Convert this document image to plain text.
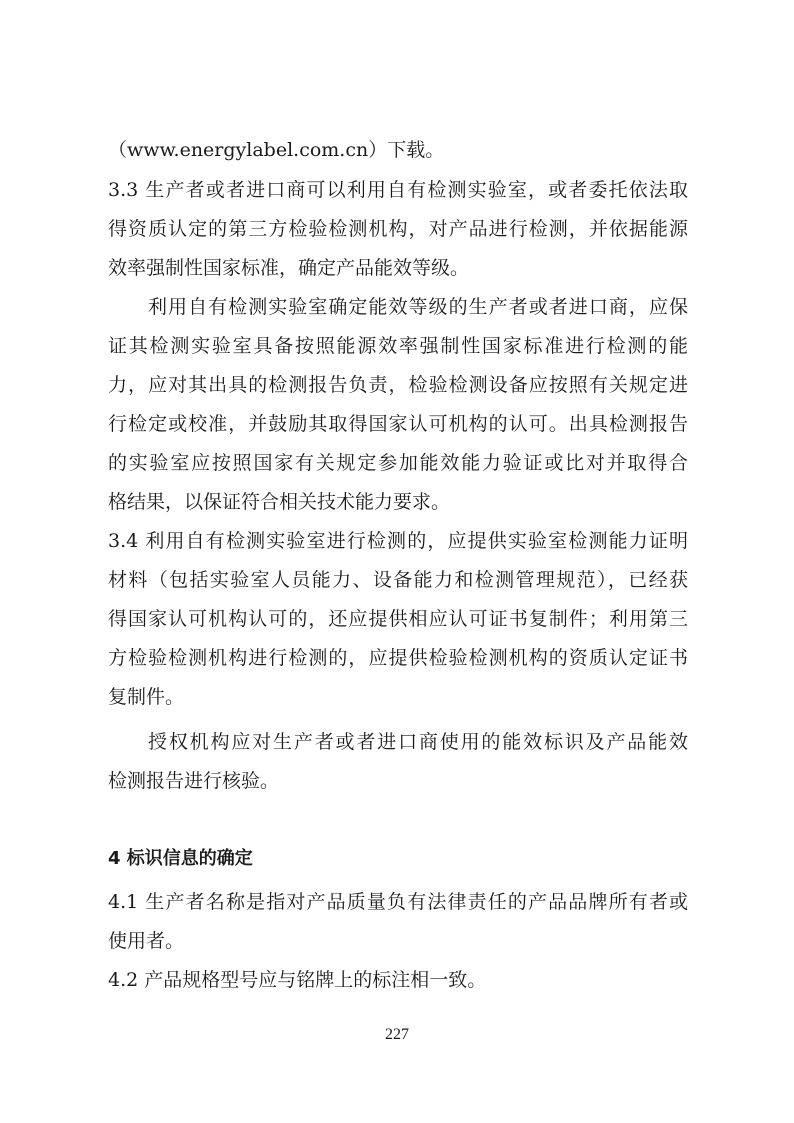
（www.energylabel.com.cn）下载。
3.3 生产者或者进口商可以利用自有检测实验室，或者委托依法取
得资质认定的第三方检验检测机构，对产品进行检测，并依据能源
效率强制性国家标准，确定产品能效等级。
利用自有检测实验室确定能效等级的生产者或者进口商，应保
证其检测实验室具备按照能源效率强制性国家标准进行检测的能
力，应对其出具的检测报告负责，检验检测设备应按照有关规定进
行检定或校准，并鼓励其取得国家认可机构的认可。出具检测报告
的实验室应按照国家有关规定参加能效能力验证或比对并取得合
格结果，以保证符合相关技术能力要求。
3.4 利用自有检测实验室进行检测的，应提供实验室检测能力证明
材料（包括实验室人员能力、设备能力和检测管理规范），已经获
得国家认可机构认可的，还应提供相应认可证书复制件；利用第三
方检验检测机构进行检测的，应提供检验检测机构的资质认定证书
复制件。
授权机构应对生产者或者进口商使用的能效标识及产品能效
检测报告进行核验。
4 标识信息的确定
4.1 生产者名称是指对产品质量负有法律责任的产品品牌所有者或
使用者。
4.2 产品规格型号应与铭牌上的标注相一致。
227
